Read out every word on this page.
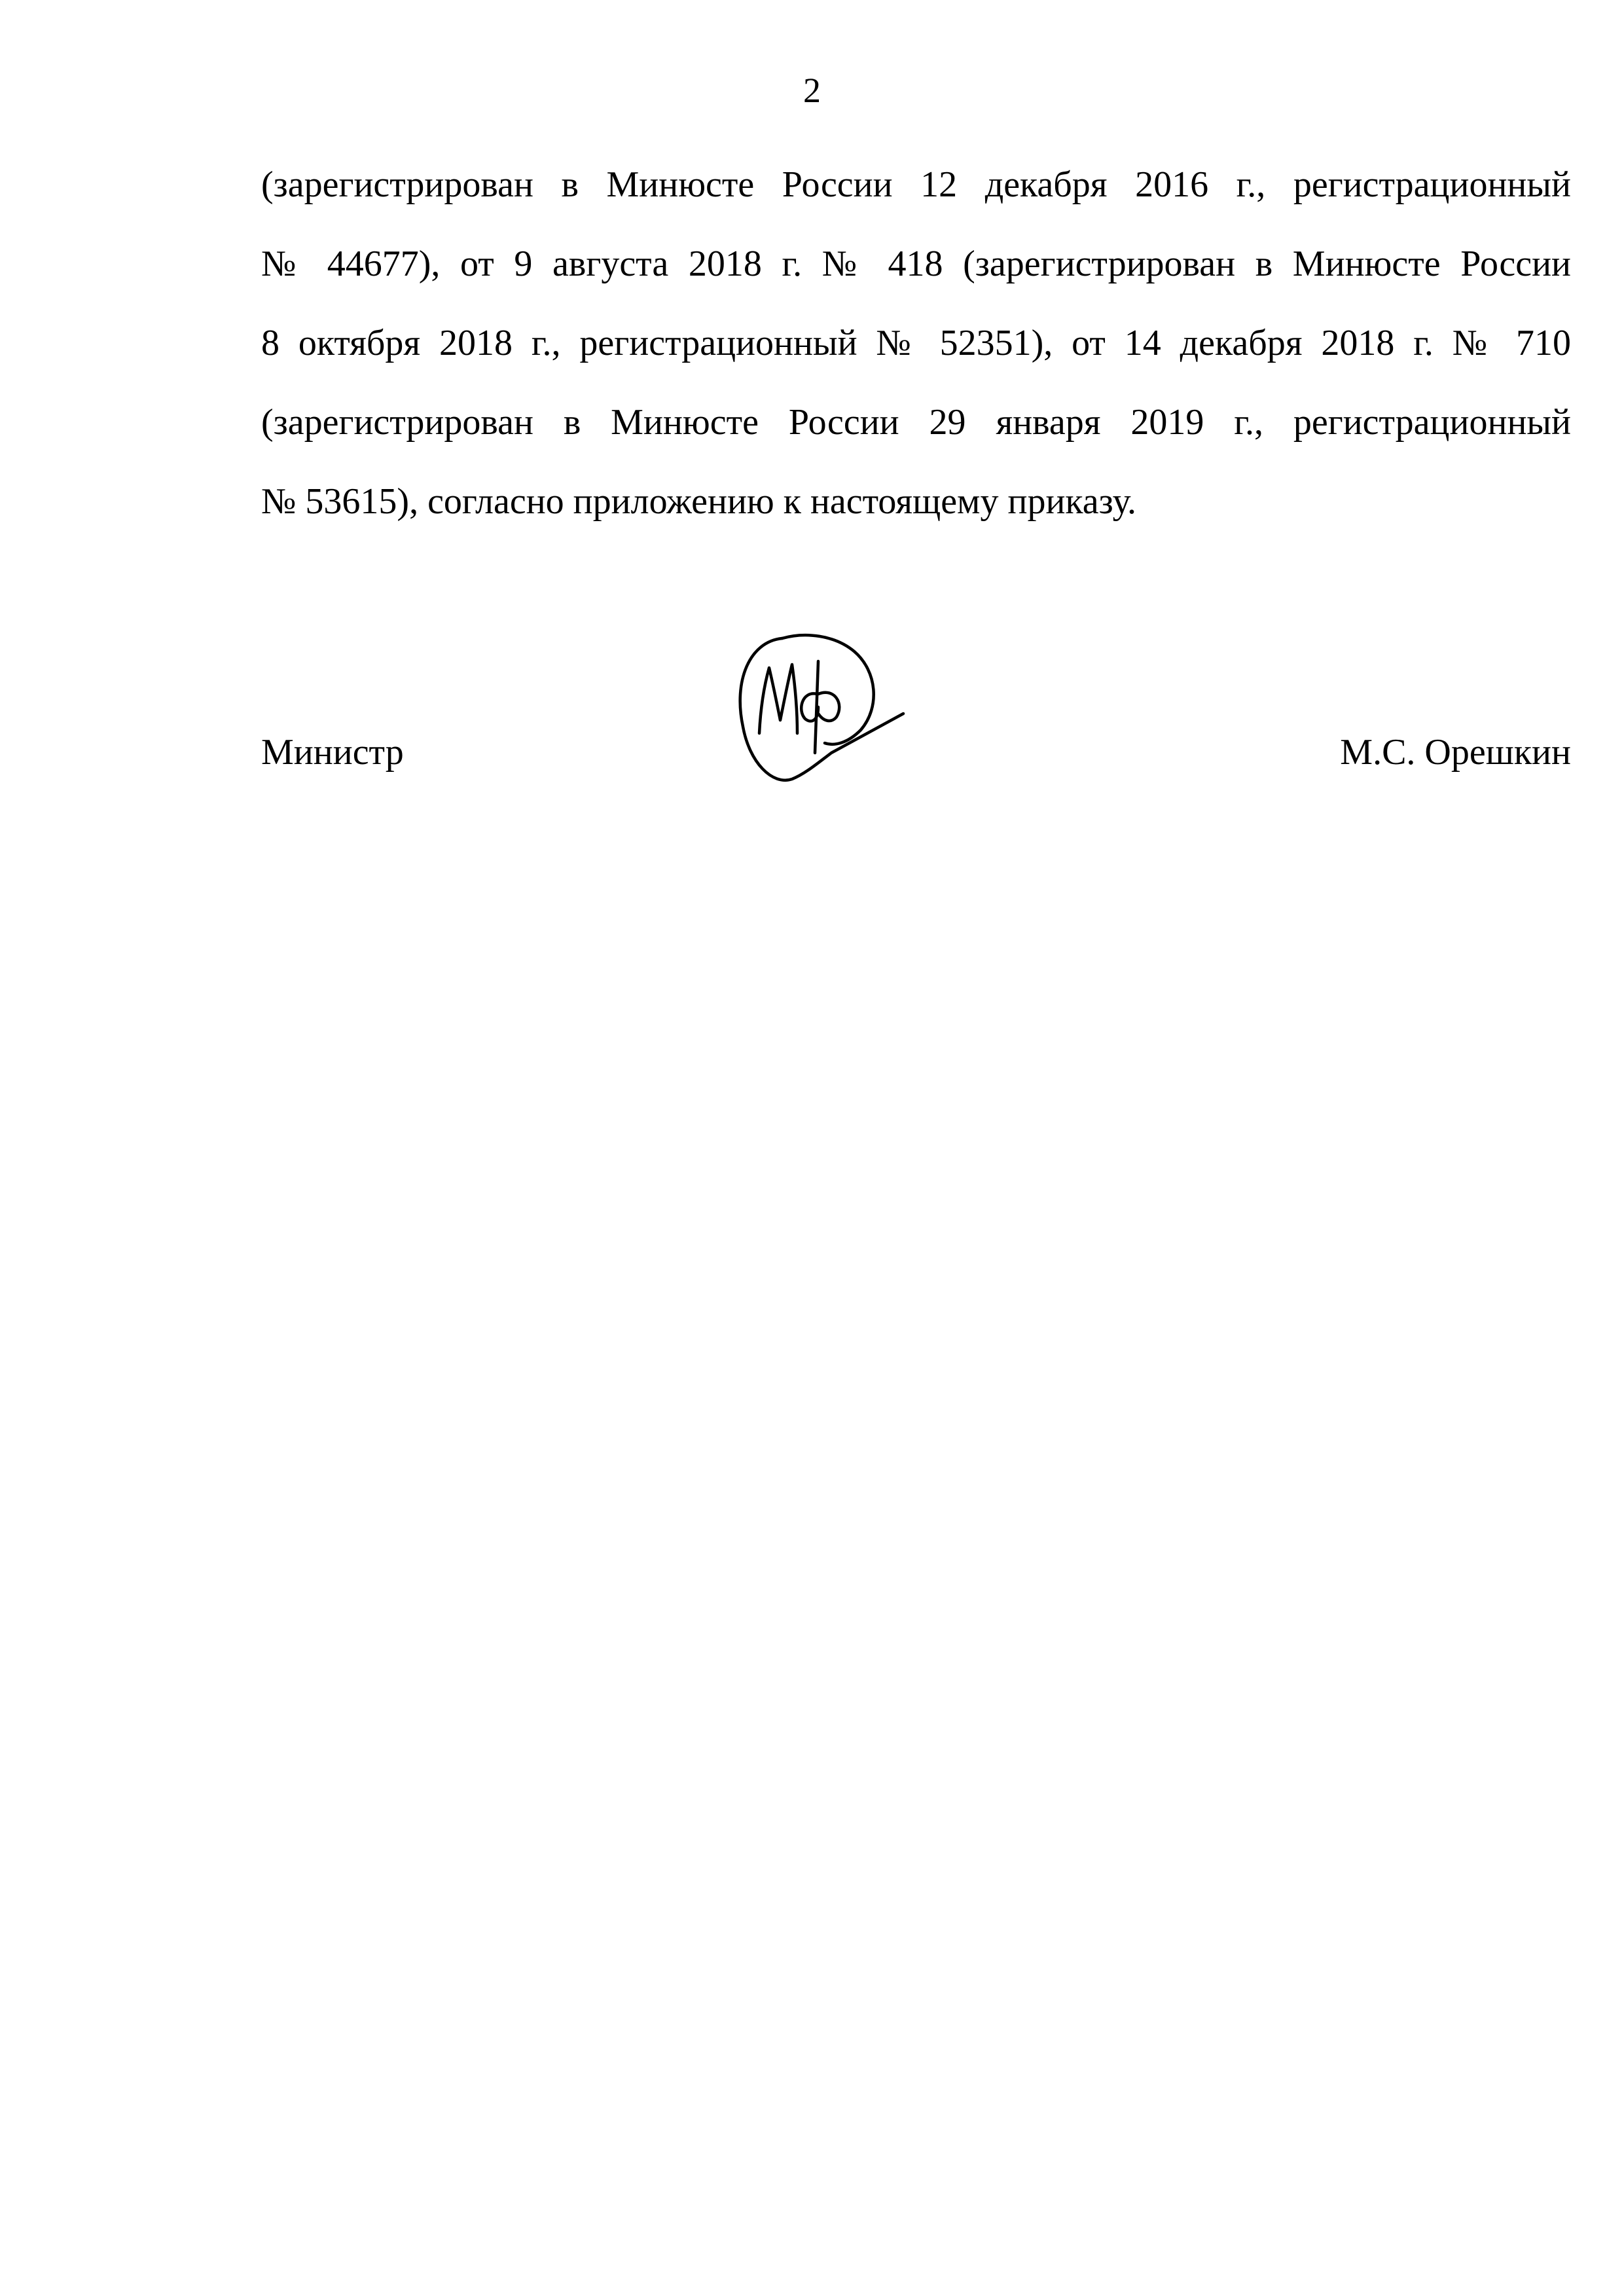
2
(зарегистрирован в Минюсте России 12 декабря 2016 г., регистрационный
№ 44677), от 9 августа 2018 г. № 418 (зарегистрирован в Минюсте России
8 октября 2018 г., регистрационный № 52351), от 14 декабря 2018 г. № 710
(зарегистрирован в Минюсте России 29 января 2019 г., регистрационный
№ 53615), согласно приложению к настоящему приказу.
Министр	М.С. Орешкин
